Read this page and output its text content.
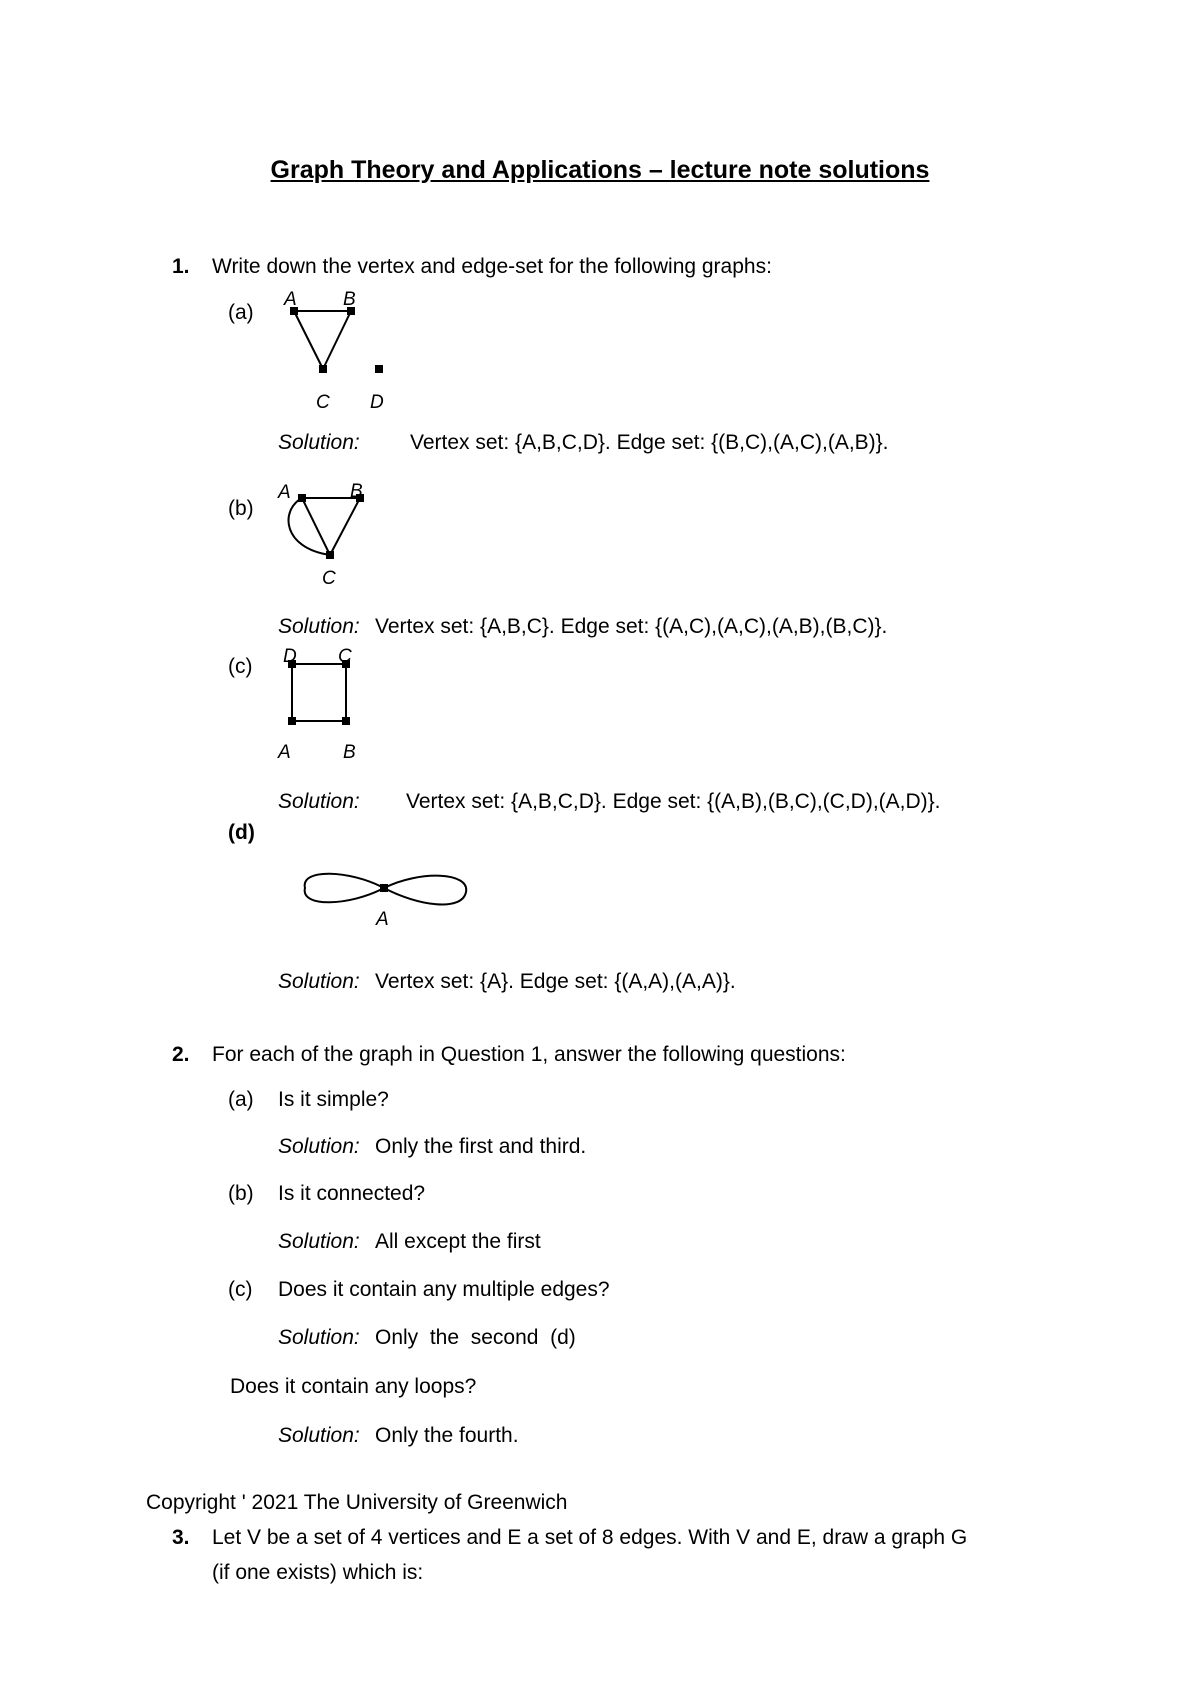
Graph Theory and Applications – lecture note solutions
1. Write down the vertex and edge-set for the following graphs:
(a)
A B
C D
Solution: Vertex set: {A,B,C,D}. Edge set: {(B,C),(A,C),(A,B)}.
(b)
A	B
C
Solution: Vertex set: {A,B,C}. Edge set: {(A,C),(A,C),(A,B),(B,C)}.
(c) D C
A	B
Solution: Vertex set: {A,B,C,D}. Edge set: {(A,B),(B,C),(C,D),(A,D)}.
(d)
A
Solution: Vertex set: {A}. Edge set: {(A,A),(A,A)}.
2. For each of the graph in Question 1, answer the following questions:
(a) Is it simple?
Solution: Only the first and third.
(b) Is it connected?
Solution: All except the first
(c) Does it contain any multiple edges?
Solution: Only  the  second  (d)
Does it contain any loops?
Solution: Only the fourth.
Copyright ' 2021 The University of Greenwich
3. Let V be a set of 4 vertices and E a set of 8 edges. With V and E, draw a graph G
(if one exists) which is:
